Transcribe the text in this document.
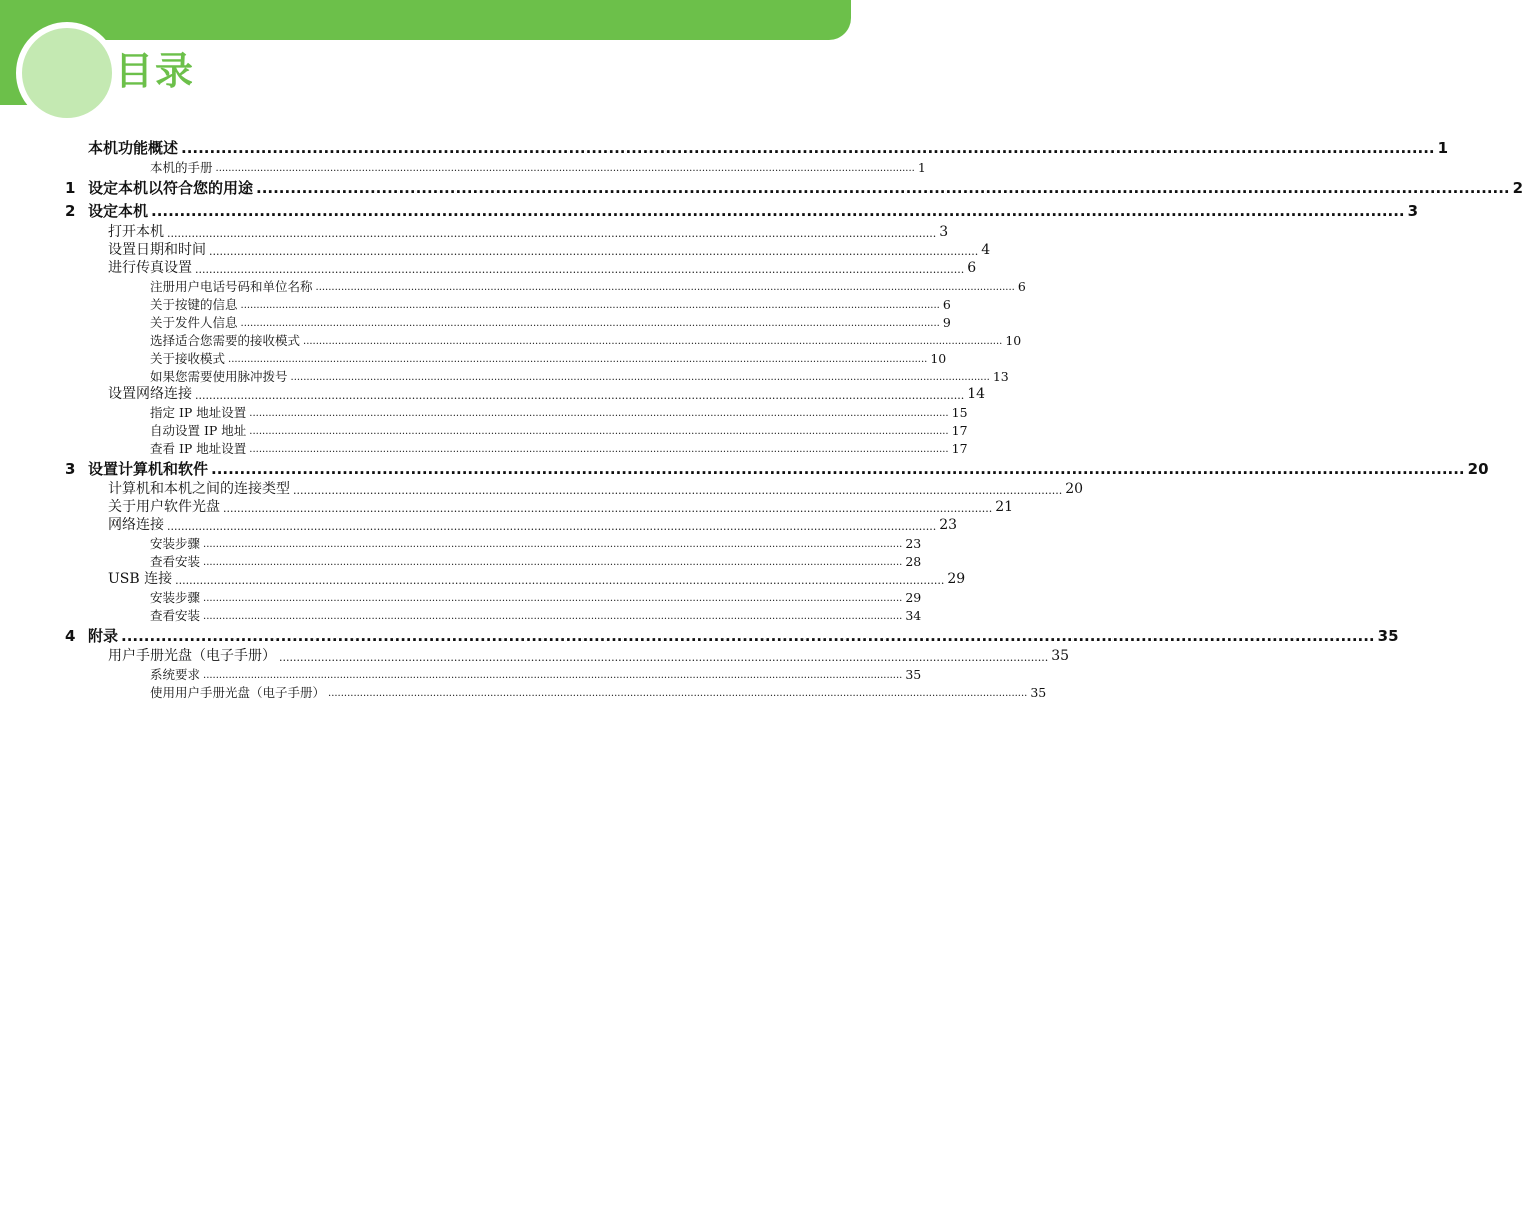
目录
本机功能概述 ............................................................................................................................................................................................................................ 1
本机的手册 ............................................................................................................................................................................................................................ 1
1 设定本机以符合您的用途 ............................................................................................................................................................................................................................ 2
2 设定本机 ............................................................................................................................................................................................................................ 3
打开本机 ............................................................................................................................................................................................................................ 3
设置日期和时间 ............................................................................................................................................................................................................................ 4
进行传真设置 ............................................................................................................................................................................................................................ 6
注册用户电话号码和单位名称 ............................................................................................................................................................................................................................ 6
关于按键的信息 ............................................................................................................................................................................................................................ 6
关于发件人信息 ............................................................................................................................................................................................................................ 9
选择适合您需要的接收模式 ............................................................................................................................................................................................................................ 10
关于接收模式 ............................................................................................................................................................................................................................ 10
如果您需要使用脉冲拨号 ............................................................................................................................................................................................................................ 13
设置网络连接 ............................................................................................................................................................................................................................ 14
指定 IP 地址设置 ............................................................................................................................................................................................................................ 15
自动设置 IP 地址 ............................................................................................................................................................................................................................ 17
查看 IP 地址设置 ............................................................................................................................................................................................................................ 17
3 设置计算机和软件 ............................................................................................................................................................................................................................ 20
计算机和本机之间的连接类型 ............................................................................................................................................................................................................................ 20
关于用户软件光盘 ............................................................................................................................................................................................................................ 21
网络连接 ............................................................................................................................................................................................................................ 23
安装步骤 ............................................................................................................................................................................................................................ 23
查看安装 ............................................................................................................................................................................................................................ 28
USB 连接 ............................................................................................................................................................................................................................ 29
安装步骤 ............................................................................................................................................................................................................................ 29
查看安装 ............................................................................................................................................................................................................................ 34
4 附录 ............................................................................................................................................................................................................................ 35
用户手册光盘（电子手册） ............................................................................................................................................................................................................................ 35
系统要求 ............................................................................................................................................................................................................................ 35
使用用户手册光盘（电子手册） ............................................................................................................................................................................................................................ 35
